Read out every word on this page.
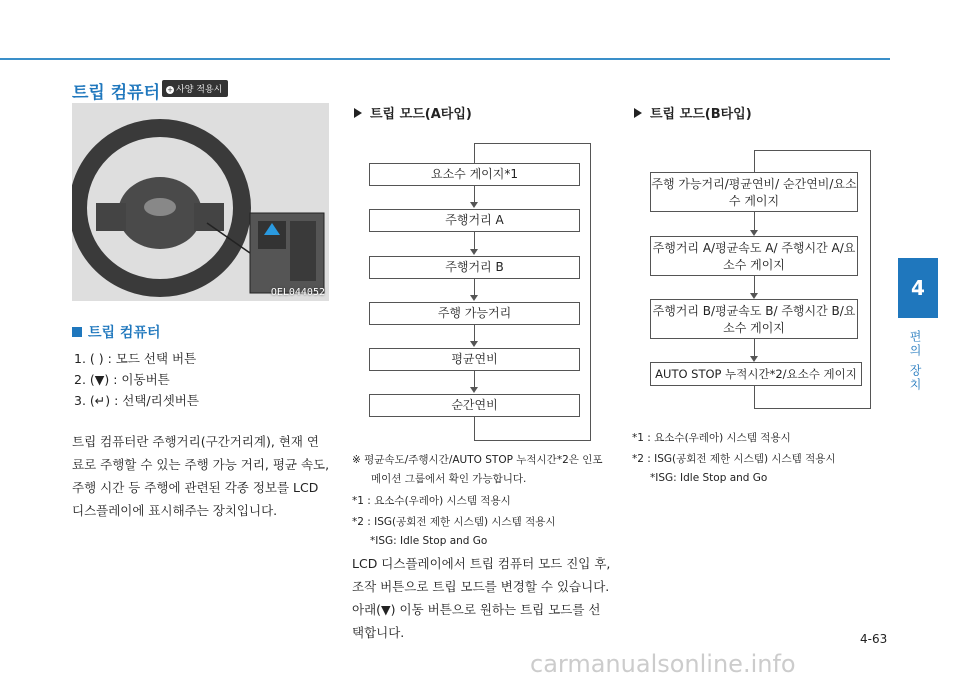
트립 컴퓨터	+ 사양 적용시
OEL044052
트립 컴퓨터
1. ( ) : 모드 선택 버튼
2. (▼) : 이동버튼
3. (↵) : 선택/리셋버튼
트립 컴퓨터란 주행거리(구간거리계), 현재 연료로 주행할 수 있는 주행 가능 거리, 평균 속도, 주행 시간 등 주행에 관련된 각종 정보를 LCD 디스플레이에 표시해주는 장치입니다.
트립 모드(A타입)
요소수 게이지*1
주행거리 A
주행거리 B
주행 가능거리
평균연비
순간연비
※ 평균속도/주행시간/AUTO STOP 누적시간*2은 인포
메이션 그룹에서 확인 가능합니다.
*1 : 요소수(우레아) 시스템 적용시
*2 : ISG(공회전 제한 시스템) 시스템 적용시
*ISG: Idle Stop and Go
LCD 디스플레이에서 트립 컴퓨터 모드 진입 후, 조작 버튼으로 트립 모드를 변경할 수 있습니다. 아래(▼) 이동 버튼으로 원하는 트립 모드를 선택합니다.
트립 모드(B타입)
주행 가능거리/평균연비/ 순간연비/요소수 게이지
주행거리 A/평균속도 A/ 주행시간 A/요소수 게이지
주행거리 B/평균속도 B/ 주행시간 B/요소수 게이지
AUTO STOP 누적시간*2/요소수 게이지
*1 : 요소수(우레아) 시스템 적용시
*2 : ISG(공회전 제한 시스템) 시스템 적용시
*ISG: Idle Stop and Go
4
편의 장치
4-63
carmanualsonline.info
